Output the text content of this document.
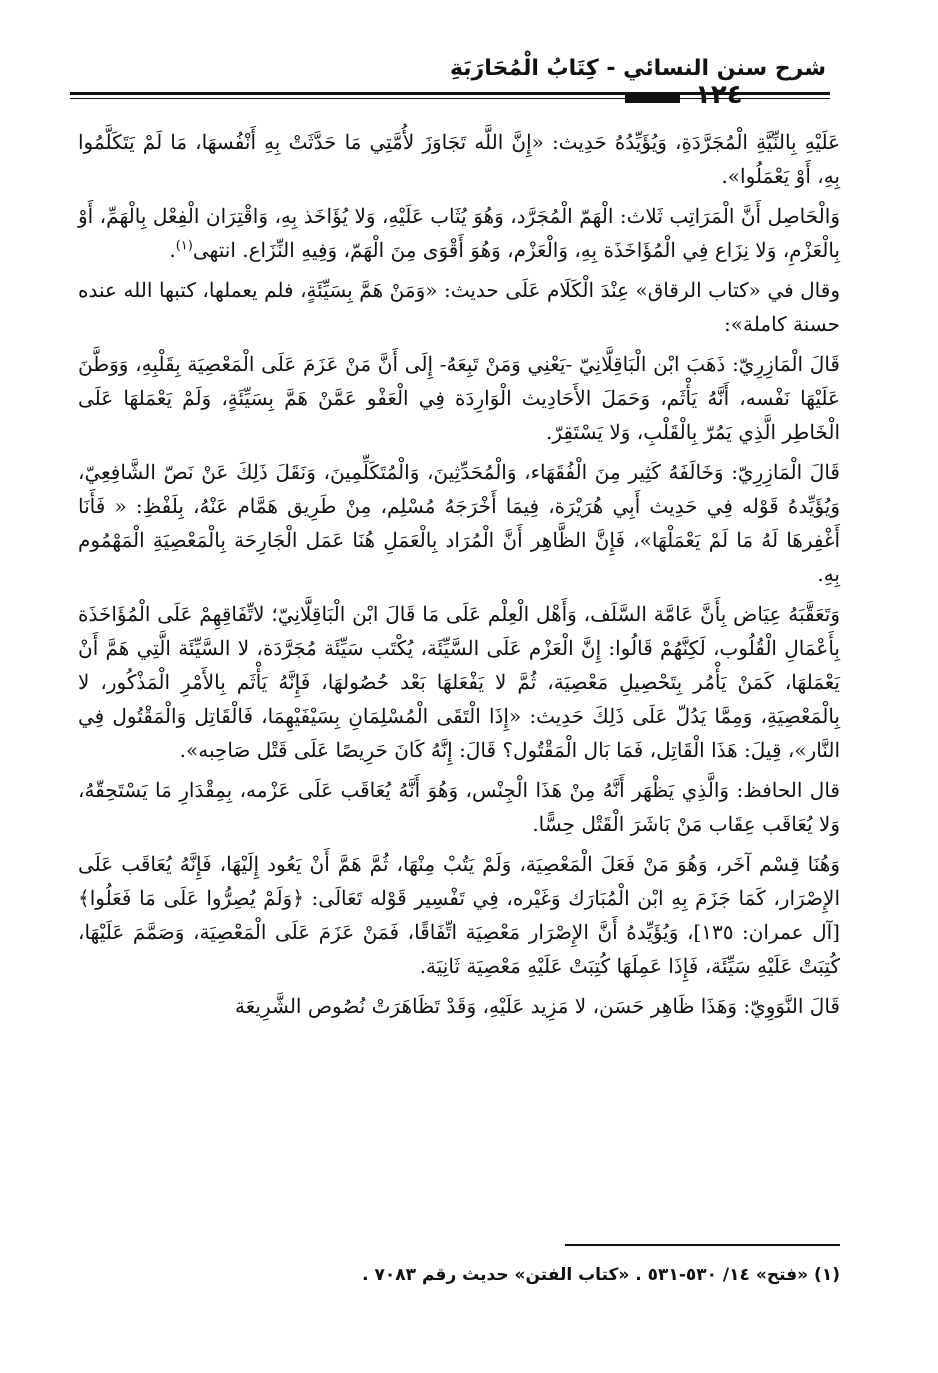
شرح سنن النسائي - كِتَابُ الْمُحَارَبَةِ
١٢٤

عَلَيْهِ بِالنِّيَّةِ الْمُجَرَّدَةِ، وَيُؤَيِّدُهُ حَدِيث: «إِنَّ اللَّه تَجَاوَزَ لأُمَّتِي مَا حَدَّثَتْ بِهِ أَنْفُسهَا، مَا لَمْ يَتَكَلَّمُوا بِهِ، أَوْ يَعْمَلُوا».

وَالْحَاصِل أَنَّ الْمَرَاتِب ثَلاث: الْهَمّ الْمُجَرَّد، وَهُوَ يُثَاب عَلَيْهِ، وَلا يُؤَاخَذ بِهِ، وَاقْتِرَان الْفِعْل بِالْهَمِّ، أَوْ بِالْعَزْمِ، وَلا نِزَاع فِي الْمُؤَاخَذَة بِهِ، وَالْعَزْم، وَهُوَ أَقْوَى مِنَ الْهَمّ، وَفِيهِ النِّزَاع. انتهى$^{(١)}$.

وقال في «كتاب الرقاق» عِنْدَ الْكَلَام عَلَى حديث: «وَمَنْ هَمَّ بِسَيِّئَةٍ، فلم يعملها، كتبها الله عنده حسنة كاملة»:

قَالَ الْمَازِرِيّ: ذَهَبَ ابْن الْبَاقِلَّانِيّ -يَعْنِي وَمَنْ تَبِعَهُ- إِلَى أَنَّ مَنْ عَزَمَ عَلَى الْمَعْصِيَة بِقَلْبِهِ، وَوَطَّنَ عَلَيْهَا نَفْسه، أَنَّهُ يَأْثَم، وَحَمَلَ الأَحَادِيث الْوَارِدَة فِي الْعَفْو عَمَّنْ هَمَّ بِسَيِّئَةٍ، وَلَمْ يَعْمَلهَا عَلَى الْخَاطِر الَّذِي يَمُرّ بِالْقَلْبِ، وَلا يَسْتَقِرّ.

قَالَ الْمَازِرِيّ: وَخَالَفَهُ كَثِير مِنَ الْفُقَهَاء، وَالْمُحَدِّثِينَ، وَالْمُتَكَلِّمِينَ، وَنَقَلَ ذَلِكَ عَنْ نَصّ الشَّافِعِيّ، وَيُؤَيِّدهُ قَوْله فِي حَدِيث أَبِي هُرَيْرَة، فِيمَا أَخْرَجَهُ مُسْلِم، مِنْ طَرِيق هَمَّام عَنْهُ، بِلَفْظِ: « فَأَنَا أَغْفِرهَا لَهُ مَا لَمْ يَعْمَلْهَا»، فَإِنَّ الظَّاهِر أَنَّ الْمُرَاد بِالْعَمَلِ هُنَا عَمَل الْجَارِحَة بِالْمَعْصِيَةِ الْمَهْمُوم بِهِ.

وَتَعَقَّبَهُ عِيَاض بِأَنَّ عَامَّة السَّلَف، وَأَهْل الْعِلْم عَلَى مَا قَالَ ابْن الْبَاقِلَّانِيّ؛ لاتِّفَاقِهِمْ عَلَى الْمُؤَاخَذَة بِأَعْمَالِ الْقُلُوب، لَكِنَّهُمْ قَالُوا: إِنَّ الْعَزْم عَلَى السَّيِّئَة، يُكْتَب سَيِّئَة مُجَرَّدَة، لا السَّيِّئَة الَّتِي هَمَّ أَنْ يَعْمَلهَا، كَمَنْ يَأْمُر بِتَحْصِيلِ مَعْصِيَة، ثُمَّ لا يَفْعَلهَا بَعْد حُصُولهَا، فَإِنَّهُ يَأْثَم بِالأَمْرِ الْمَذْكُور، لا بِالْمَعْصِيَةِ، وَمِمَّا يَدُلّ عَلَى ذَلِكَ حَدِيث: «إِذَا الْتَقَى الْمُسْلِمَانِ بِسَيْفَيْهِمَا، فَالْقَاتِل وَالْمَقْتُول فِي النَّار»، قِيلَ: هَذَا الْقَاتِل، فَمَا بَال الْمَقْتُول؟ قَالَ: إِنَّهُ كَانَ حَرِيصًا عَلَى قَتْل صَاحِبه».

قال الحافظ: وَالَّذِي يَظْهَر أَنَّهُ مِنْ هَذَا الْجِنْس، وَهُوَ أَنَّهُ يُعَاقَب عَلَى عَزْمه، بِمِقْدَارِ مَا يَسْتَحِقّهُ، وَلا يُعَاقَب عِقَاب مَنْ بَاشَرَ الْقَتْل حِسًّا.

وَهُنَا قِسْم آخَر، وَهُوَ مَنْ فَعَلَ الْمَعْصِيَة، وَلَمْ يَتُبْ مِنْهَا، ثُمَّ هَمَّ أَنْ يَعُود إِلَيْهَا، فَإِنَّهُ يُعَاقَب عَلَى الإِصْرَار، كَمَا جَزَمَ بِهِ ابْن الْمُبَارَك وَغَيْره، فِي تَفْسِير قَوْله تَعَالَى: ﴿وَلَمْ يُصِرُّوا عَلَى مَا فَعَلُوا﴾ [آل عمران: ١٣٥]، وَيُؤَيِّدهُ أَنَّ الإِصْرَار مَعْصِيَة اتِّفَاقًا، فَمَنْ عَزَمَ عَلَى الْمَعْصِيَة، وَصَمَّمَ عَلَيْهَا، كُتِبَتْ عَلَيْهِ سَيِّئَة، فَإِذَا عَمِلَهَا كُتِبَتْ عَلَيْهِ مَعْصِيَة ثَانِيَة.

قَالَ النَّوَوِيّ: وَهَذَا ظَاهِر حَسَن، لا مَزِيد عَلَيْهِ، وَقَدْ تَظَاهَرَتْ نُصُوص الشَّرِيعَة

(١) «فتح» ١٤/ ٥٣٠-٥٣١ . «كتاب الفتن» حديث رقم ٧٠٨٣ .
